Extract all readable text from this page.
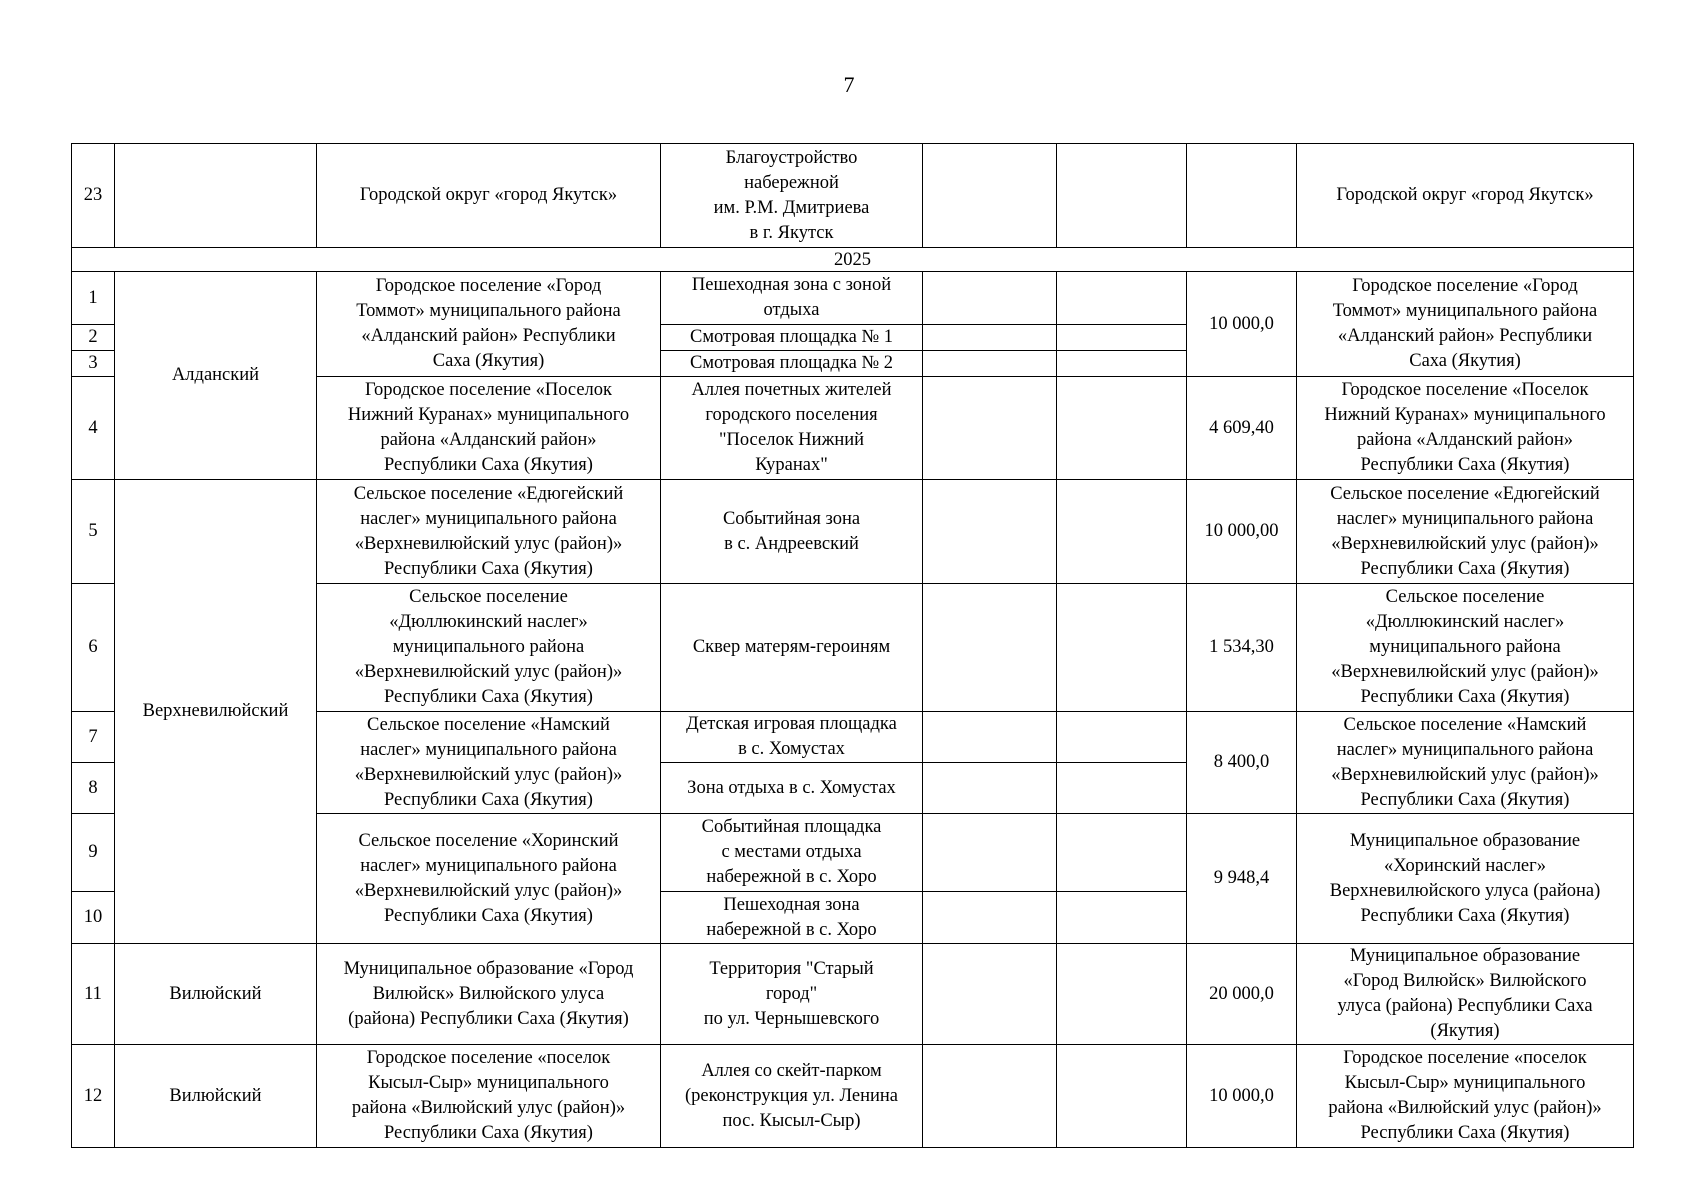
7
23		Городской округ «город Якутск»	Благоустройство
набережной
им. Р.М. Дмитриева
в г. Якутск				Городской округ «город Якутск»
2025							
1	Алданский	Городское поселение «Город
Томмот» муниципального района
«Алданский район» Республики
Саха (Якутия)	Пешеходная зона с зоной
отдыха			10 000,0	Городское поселение «Город
Томмот» муниципального района
«Алданский район» Республики
Саха (Якутия)
2			Смотровая площадка № 1				
3			Смотровая площадка № 2				
4		Городское поселение «Поселок
Нижний Куранах» муниципального
района «Алданский район»
Республики Саха (Якутия)	Аллея почетных жителей
городского поселения
"Поселок Нижний
Куранах"			4 609,40	Городское поселение «Поселок
Нижний Куранах» муниципального
района «Алданский район»
Республики Саха (Якутия)
5	Верхневилюйский	Сельское поселение «Едюгейский
наслег» муниципального района
«Верхневилюйский улус (район)»
Республики Саха (Якутия)	Событийная зона
в с. Андреевский			10 000,00	Сельское поселение «Едюгейский
наслег» муниципального района
«Верхневилюйский улус (район)»
Республики Саха (Якутия)
6		Сельское поселение
«Дюллюкинский наслег»
муниципального района
«Верхневилюйский улус (район)»
Республики Саха (Якутия)	Сквер матерям-героиням			1 534,30	Сельское поселение
«Дюллюкинский наслег»
муниципального района
«Верхневилюйский улус (район)»
Республики Саха (Якутия)
7		Сельское поселение «Намский
наслег» муниципального района
«Верхневилюйский улус (район)»
Республики Саха (Якутия)	Детская игровая площадка
в с. Хомустах			8 400,0	Сельское поселение «Намский
наслег» муниципального района
«Верхневилюйский улус (район)»
Республики Саха (Якутия)
8			Зона отдыха в с. Хомустах				
9		Сельское поселение «Хоринский
наслег» муниципального района
«Верхневилюйский улус (район)»
Республики Саха (Якутия)	Событийная площадка
с местами отдыха
набережной в с. Хоро			9 948,4	Муниципальное образование
«Хоринский наслег»
Верхневилюйского улуса (района)
Республики Саха (Якутия)
10			Пешеходная зона
набережной в с. Хоро				
11	Вилюйский	Муниципальное образование «Город
Вилюйск» Вилюйского улуса
(района) Республики Саха (Якутия)	Территория "Старый
город"
по ул. Чернышевского			20 000,0	Муниципальное образование
«Город Вилюйск» Вилюйского
улуса (района) Республики Саха
(Якутия)
12	Вилюйский	Городское поселение «поселок
Кысыл-Сыр» муниципального
района «Вилюйский улус (район)»
Республики Саха (Якутия)	Аллея со скейт-парком
(реконструкция ул. Ленина
пос. Кысыл-Сыр)			10 000,0	Городское поселение «поселок
Кысыл-Сыр» муниципального
района «Вилюйский улус (район)»
Республики Саха (Якутия)
